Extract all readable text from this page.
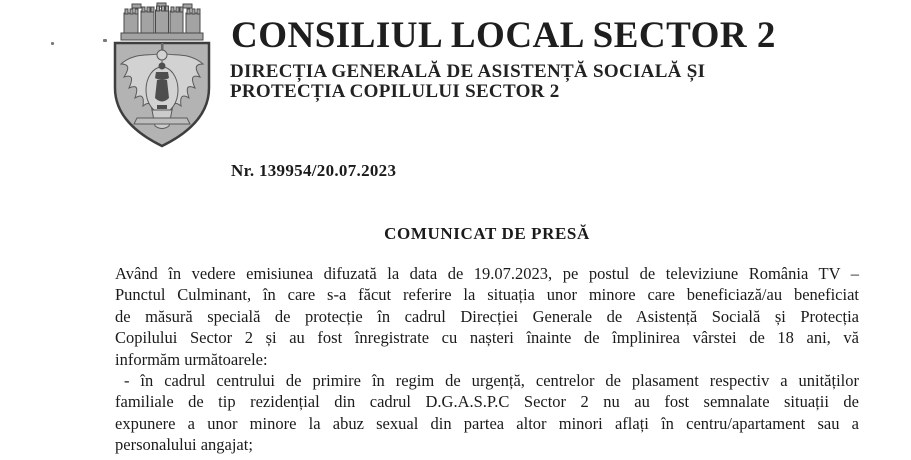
CONSILIUL LOCAL SECTOR 2
DIRECȚIA GENERALĂ DE ASISTENȚĂ SOCIALĂ ȘI
PROTECȚIA COPILULUI SECTOR 2
Nr. 139954/20.07.2023
COMUNICAT DE PRESĂ
Având în vedere emisiunea difuzată la data de 19.07.2023, pe postul de televiziune România TV –
Punctul Culminant, în care s-a făcut referire la situația unor minore care beneficiază/au beneficiat
de măsură specială de protecție în cadrul Direcției Generale de Asistență Socială și Protecția
Copilului Sector 2 și au fost înregistrate cu nașteri înainte de împlinirea vârstei de 18 ani, vă
informăm următoarele:
- în cadrul centrului de primire în regim de urgență, centrelor de plasament respectiv a unităților
familiale de tip rezidențial din cadrul D.G.A.S.P.C Sector 2 nu au fost semnalate situații de
expunere a unor minore la abuz sexual din partea altor minori aflați în centru/apartament sau a
personalului angajat;
